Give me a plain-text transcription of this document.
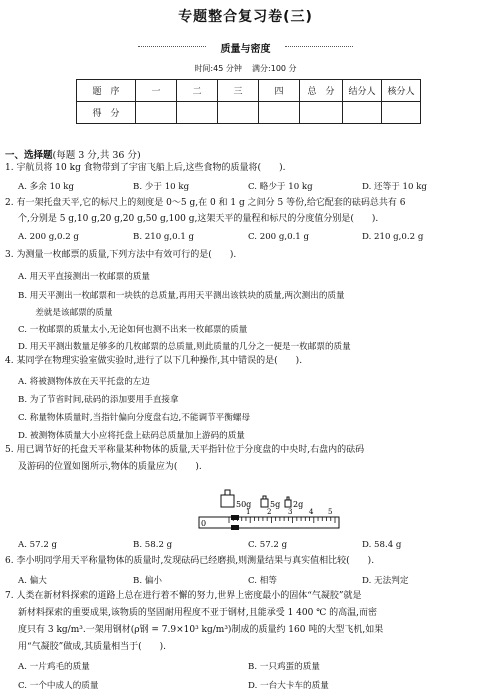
专题整合复习卷(三)
质量与密度
时间:45 分钟 满分:100 分
题　序	一	二	三	四	总　分	结分人	核分人
得　分							
一、选择题(每题 3 分,共 36 分)
1. 宇航员将 10 kg 食物带到了宇宙飞船上后,这些食物的质量将(　　).
A. 多余 10 kg	B. 少于 10 kg	C. 略少于 10 kg	D. 还等于 10 kg
2. 有一架托盘天平,它的标尺上的刻度是 0～5 g,在 0 和 1 g 之间分 5 等份,给它配套的砝码总共有 6
个,分别是 5 g,10 g,20 g,20 g,50 g,100 g,这架天平的量程和标尺的分度值分别是(　　).
A. 200 g,0.2 g	B. 210 g,0.1 g	C. 200 g,0.1 g	D. 210 g,0.2 g
3. 为测量一枚邮票的质量,下列方法中有效可行的是(　　).
A. 用天平直接测出一枚邮票的质量
B. 用天平测出一枚邮票和一块铁的总质量,再用天平测出该铁块的质量,两次测出的质量
　　差就是该邮票的质量
C. 一枚邮票的质量太小,无论如何也测不出来一枚邮票的质量
D. 用天平测出数量足够多的几枚邮票的总质量,则此质量的几分之一便是一枚邮票的质量
4. 某同学在物理实验室做实验时,进行了以下几种操作,其中错误的是(　　).
A. 将被测物体放在天平托盘的左边
B. 为了节省时间,砝码的添加要用手直接拿
C. 称量物体质量时,当指针偏向分度盘右边,不能调节平衡螺母
D. 被测物体质量大小应将托盘上砝码总质量加上游码的质量
5. 用已调节好的托盘天平称量某种物体的质量,天平指针位于分度盘的中央时,右盘内的砝码
及游码的位置如图所示,物体的质量应为(　　).
50g 5g 2g
0
1 2 3 4 5
A. 57.2 g	B. 58.2 g	C. 57.2 g	D. 58.4 g
6. 李小明同学用天平称量物体的质量时,发现砝码已经磨损,则测量结果与真实值相比较(　　).
A. 偏大	B. 偏小	C. 相等	D. 无法判定
7. 人类在新材料探索的道路上总在进行着不懈的努力,世界上密度最小的固体“气凝胶”就是
新材料探索的重要成果,该物质的坚固耐用程度不亚于钢材,且能承受 1 400 ℃ 的高温,而密
度只有 3 kg/m³.一架用钢材(ρ钢 = 7.9×10³ kg/m³)制成的质量约 160 吨的大型飞机,如果
用“气凝胶”做成,其质量相当于(　　).
A. 一片鸡毛的质量	B. 一只鸡蛋的质量
C. 一个中成人的质量	D. 一台大卡车的质量
